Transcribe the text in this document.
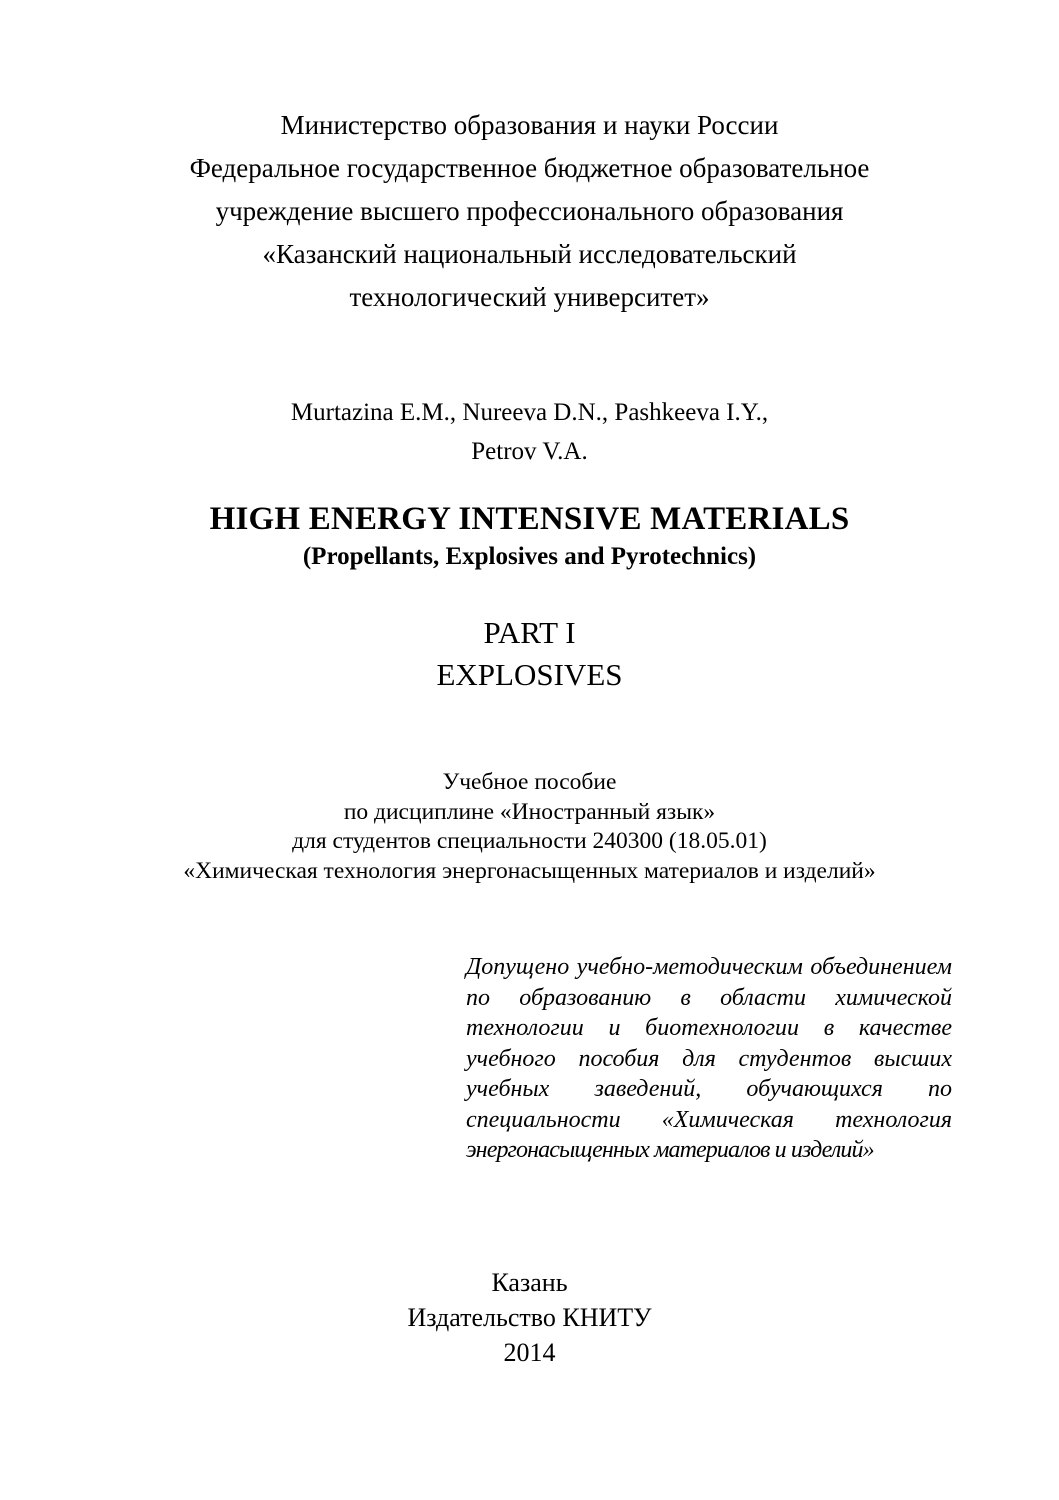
Министерство образования и науки России
Федеральное государственное бюджетное образовательное
учреждение высшего профессионального образования
«Казанский национальный исследовательский
технологический университет»
Murtazina E.M., Nureeva D.N., Pashkeeva I.Y.,
Petrov V.A.
HIGH ENERGY INTENSIVE MATERIALS
(Propellants, Explosives and Pyrotechnics)
PART I
EXPLOSIVES
Учебное пособие
по дисциплине «Иностранный язык»
для студентов специальности 240300 (18.05.01)
«Химическая технология энергонасыщенных материалов и изделий»
Допущено учебно-методическим объединением
по образованию в области химической
технологии и биотехнологии в качестве
учебного пособия для студентов высших
учебных заведений, обучающихся по
специальности «Химическая технология
энергонасыщенных материалов и изделий»
Казань
Издательство КНИТУ
2014
